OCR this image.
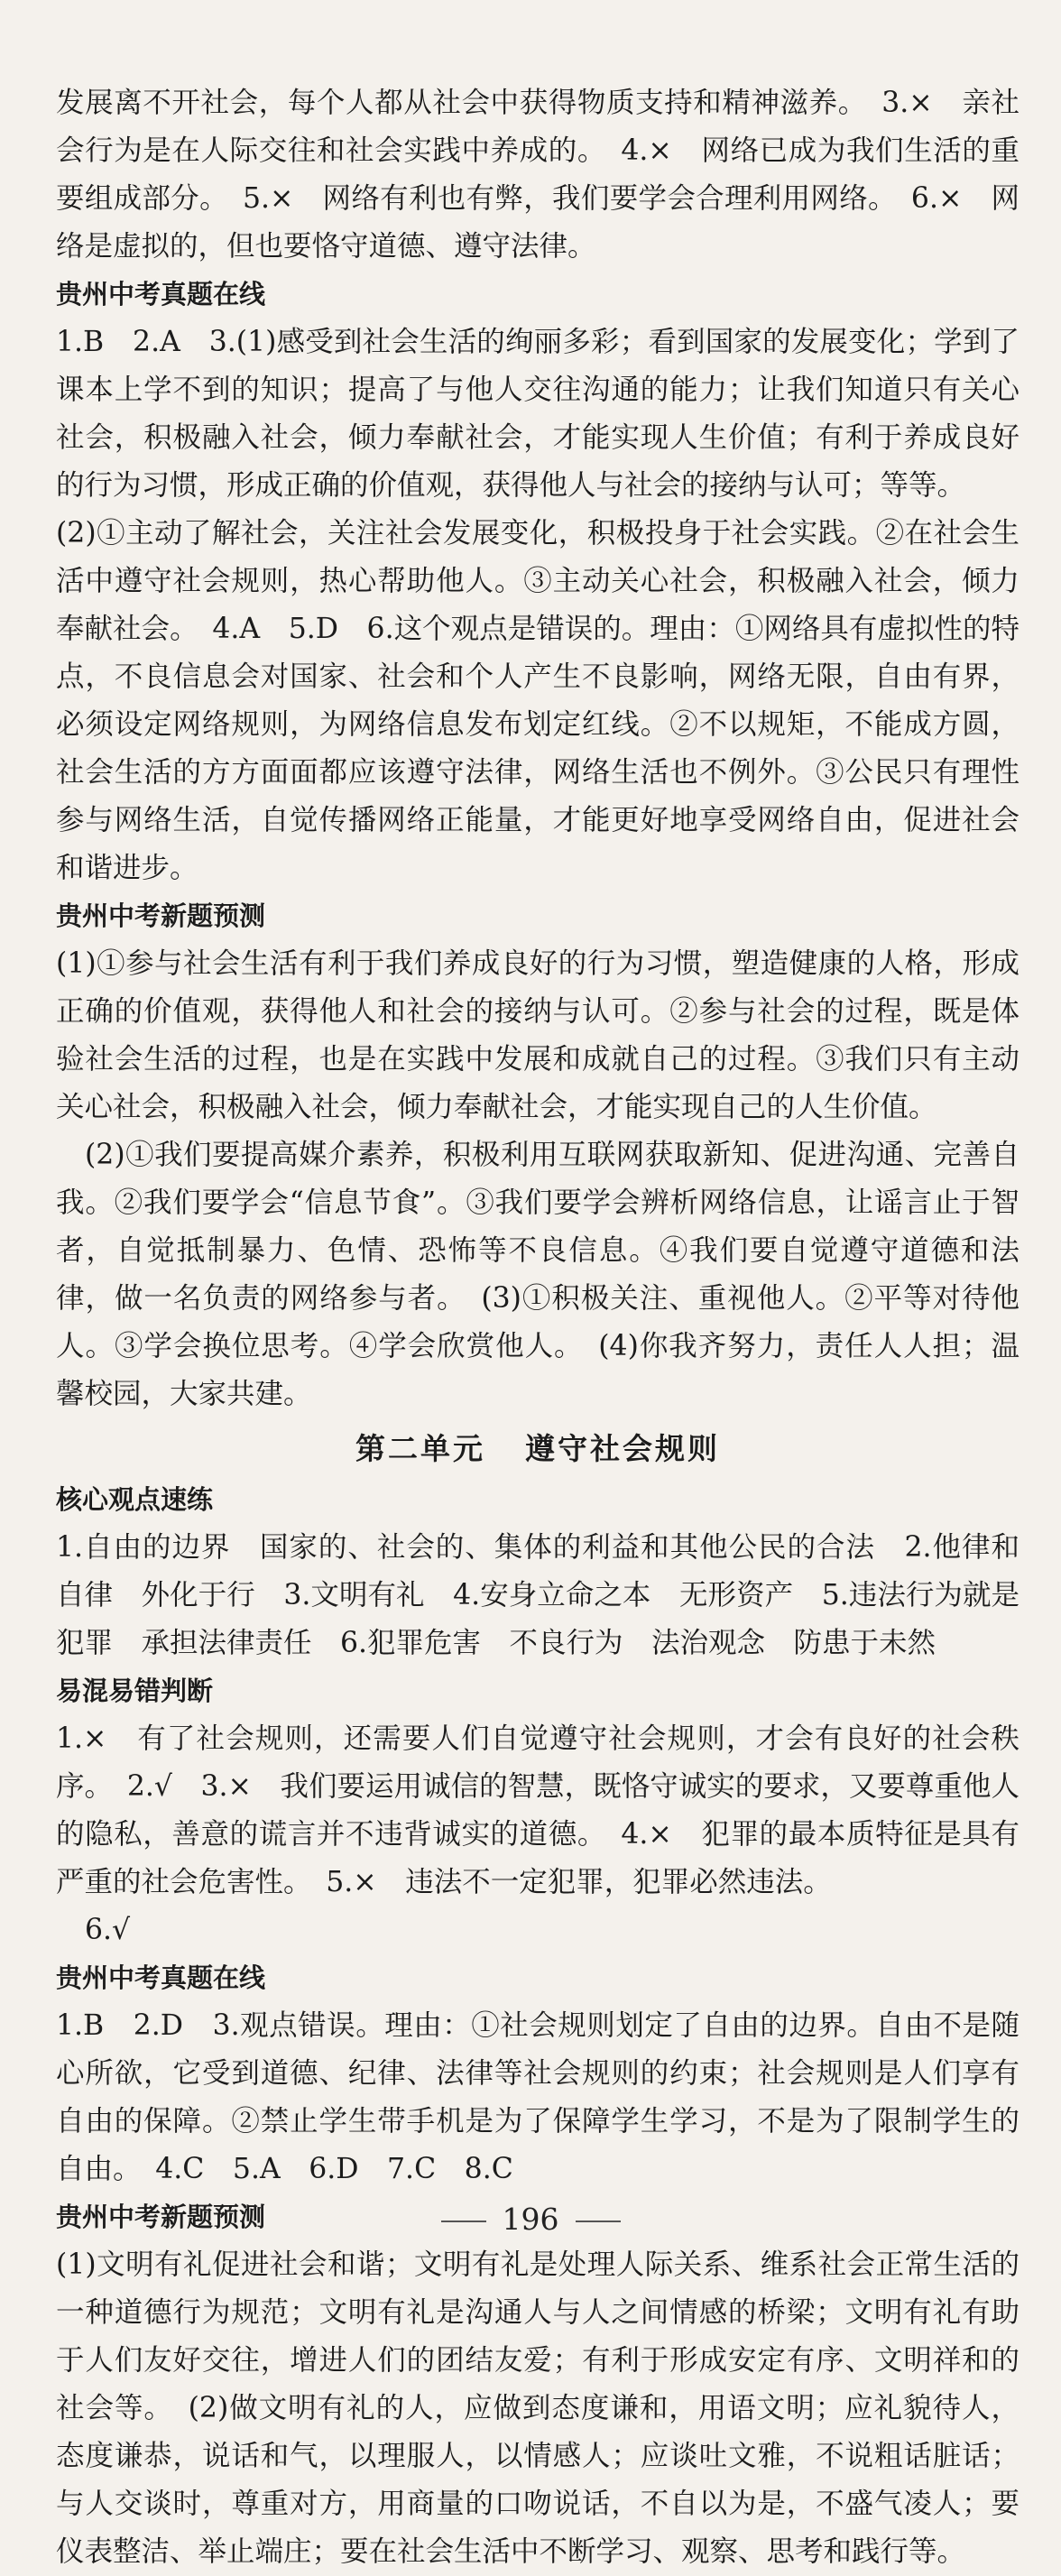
发展离不开社会，每个人都从社会中获得物质支持和精神滋养。　3.×　亲社会行为是在人际交往和社会实践中养成的。　4.×　网络已成为我们生活的重要组成部分。　5.×　网络有利也有弊，我们要学会合理利用网络。　6.×　网络是虚拟的，但也要恪守道德、遵守法律。

贵州中考真题在线

1.B　2.A　3.(1)感受到社会生活的绚丽多彩；看到国家的发展变化；学到了课本上学不到的知识；提高了与他人交往沟通的能力；让我们知道只有关心社会，积极融入社会，倾力奉献社会，才能实现人生价值；有利于养成良好的行为习惯，形成正确的价值观，获得他人与社会的接纳与认可；等等。

(2)①主动了解社会，关注社会发展变化，积极投身于社会实践。②在社会生活中遵守社会规则，热心帮助他人。③主动关心社会，积极融入社会，倾力奉献社会。　4.A　5.D　6.这个观点是错误的。理由：①网络具有虚拟性的特点，不良信息会对国家、社会和个人产生不良影响，网络无限，自由有界，必须设定网络规则，为网络信息发布划定红线。②不以规矩，不能成方圆，社会生活的方方面面都应该遵守法律，网络生活也不例外。③公民只有理性参与网络生活，自觉传播网络正能量，才能更好地享受网络自由，促进社会和谐进步。

贵州中考新题预测

(1)①参与社会生活有利于我们养成良好的行为习惯，塑造健康的人格，形成正确的价值观，获得他人和社会的接纳与认可。②参与社会的过程，既是体验社会生活的过程，也是在实践中发展和成就自己的过程。③我们只有主动关心社会，积极融入社会，倾力奉献社会，才能实现自己的人生价值。

(2)①我们要提高媒介素养，积极利用互联网获取新知、促进沟通、完善自我。②我们要学会“信息节食”。③我们要学会辨析网络信息，让谣言止于智者，自觉抵制暴力、色情、恐怖等不良信息。④我们要自觉遵守道德和法律，做一名负责的网络参与者。　(3)①积极关注、重视他人。②平等对待他人。③学会换位思考。④学会欣赏他人。　(4)你我齐努力，责任人人担；温馨校园，大家共建。

第二单元 遵守社会规则

核心观点速练

1.自由的边界　国家的、社会的、集体的利益和其他公民的合法　2.他律和自律　外化于行　3.文明有礼　4.安身立命之本　无形资产　5.违法行为就是犯罪　承担法律责任　6.犯罪危害　不良行为　法治观念　防患于未然

易混易错判断

1.×　有了社会规则，还需要人们自觉遵守社会规则，才会有良好的社会秩序。　2.√　3.×　我们要运用诚信的智慧，既恪守诚实的要求，又要尊重他人的隐私，善意的谎言并不违背诚实的道德。　4.×　犯罪的最本质特征是具有严重的社会危害性。　5.×　违法不一定犯罪，犯罪必然违法。

6.√

贵州中考真题在线

1.B　2.D　3.观点错误。理由：①社会规则划定了自由的边界。自由不是随心所欲，它受到道德、纪律、法律等社会规则的约束；社会规则是人们享有自由的保障。②禁止学生带手机是为了保障学生学习，不是为了限制学生的自由。　4.C　5.A　6.D　7.C　8.C

贵州中考新题预测

(1)文明有礼促进社会和谐；文明有礼是处理人际关系、维系社会正常生活的一种道德行为规范；文明有礼是沟通人与人之间情感的桥梁；文明有礼有助于人们友好交往，增进人们的团结友爱；有利于形成安定有序、文明祥和的社会等。　(2)做文明有礼的人，应做到态度谦和，用语文明；应礼貌待人，态度谦恭，说话和气，以理服人，以情感人；应谈吐文雅，不说粗话脏话；与人交谈时，尊重对方，用商量的口吻说话，不自以为是，不盛气凌人；要仪表整洁、举止端庄；要在社会生活中不断学习、观察、思考和践行等。

196
